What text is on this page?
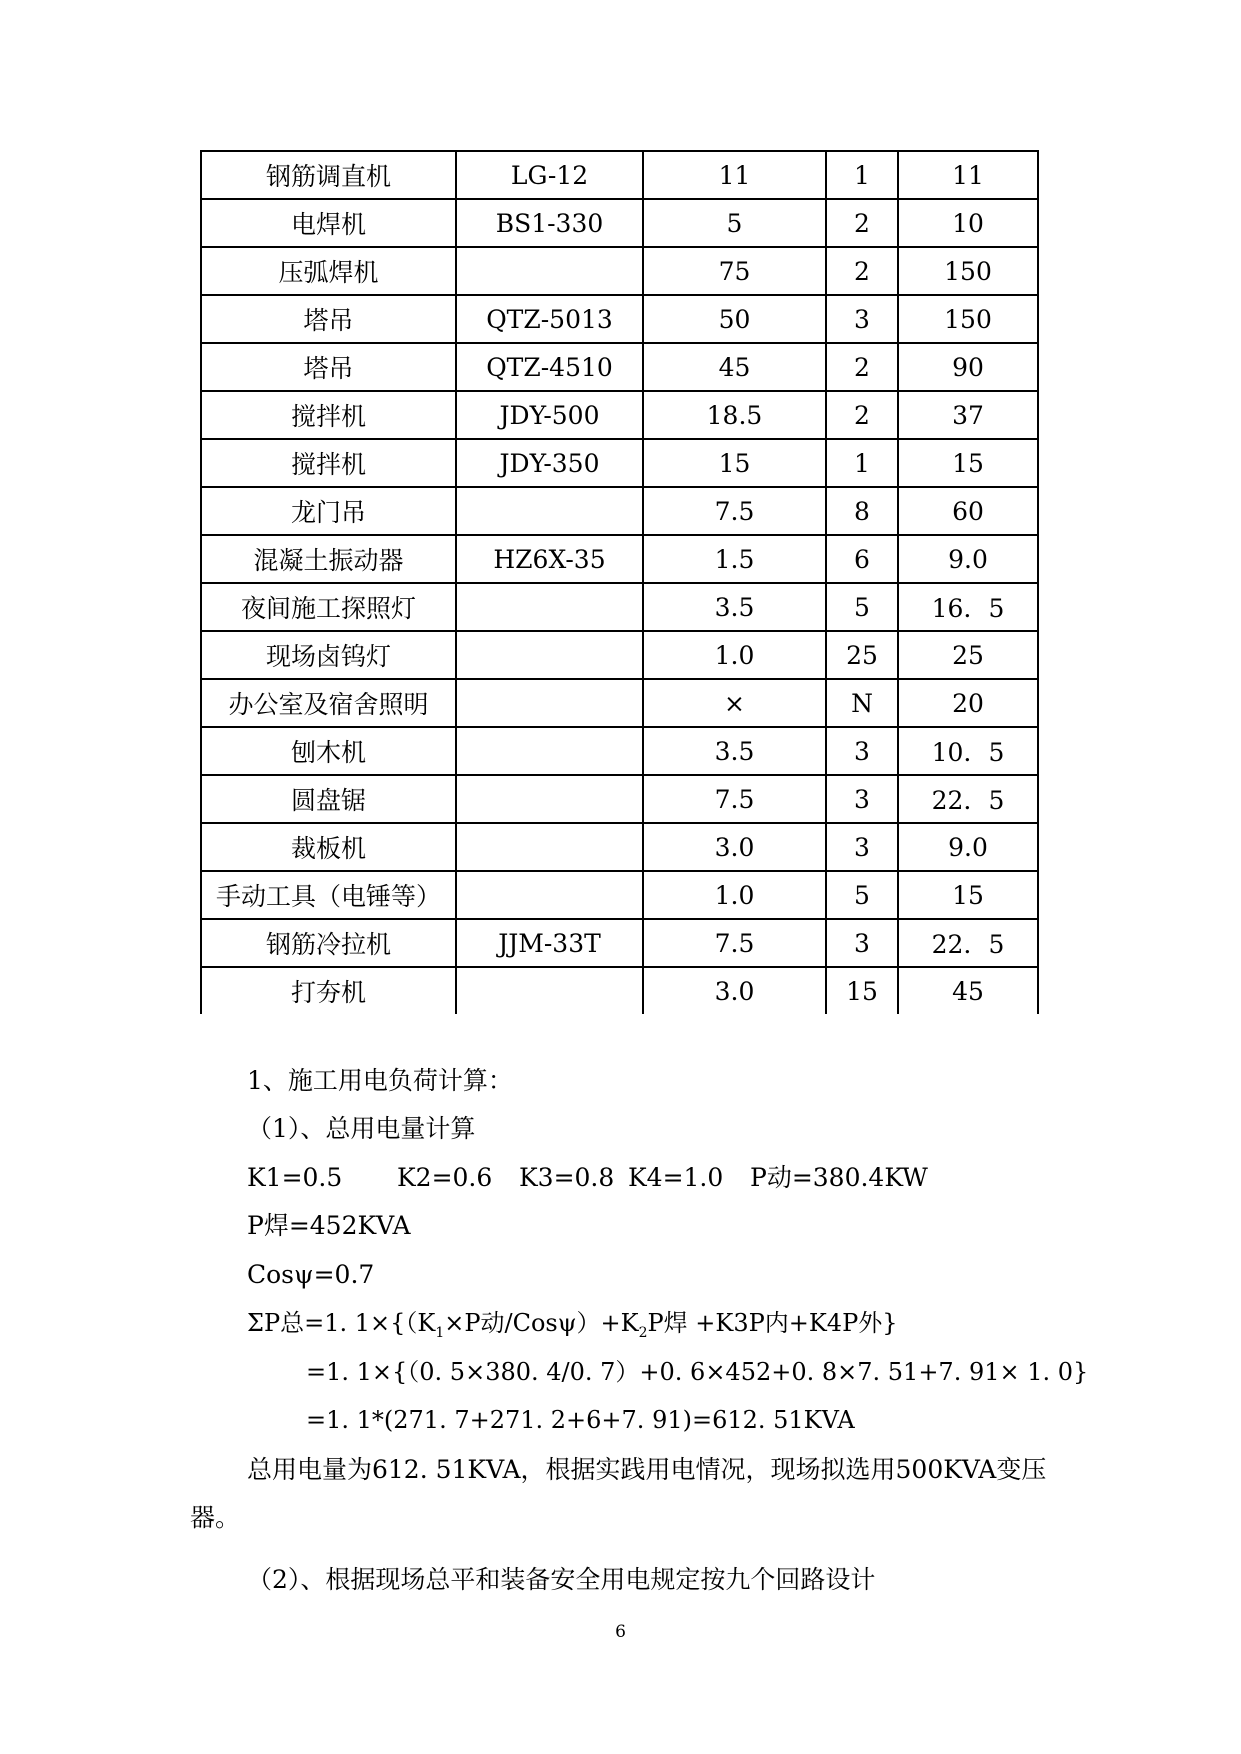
钢筋调直机	LG-12	11	1	11
电焊机	BS1-330	5	2	10
压弧焊机		75	2	150
塔吊	QTZ-5013	50	3	150
塔吊	QTZ-4510	45	2	90
搅拌机	JDY-500	18.5	2	37
搅拌机	JDY-350	15	1	15
龙门吊		7.5	8	60
混凝土振动器	HZ6X-35	1.5	6	9.0
夜间施工探照灯		3.5	5	16．5
现场卤钨灯		1.0	25	25
办公室及宿舍照明		×	N	20
刨木机		3.5	3	10．5
圆盘锯		7.5	3	22．5
裁板机		3.0	3	9.0
手动工具（电锤等）		1.0	5	15
钢筋冷拉机	JJM-33T	7.5	3	22．5
打夯机		3.0	15	45
1、施工用电负荷计算：
（1）、总用电量计算
K1=0.5 K2=0.6 K3=0.8 K4=1.0 P动=380.4KW
P焊=452KVA
Cosψ=0.7
ΣP总=1. $1\times\{(K_1\times P$动$/Cos\psi)+K_2P$焊 +K3P内+K4P外}
=1. 1×{（0. 5×380. 4/0. 7）+0. 6×452+0. 8×7. 51+7. 91× 1. 0}
=1. 1*(271. 7+271. 2+6+7. 91)=612. 51KVA
总用电量为612. 51KVA，根据实践用电情况，现场拟选用500KVA变压
器。
（2）、根据现场总平和装备安全用电规定按九个回路设计
6
